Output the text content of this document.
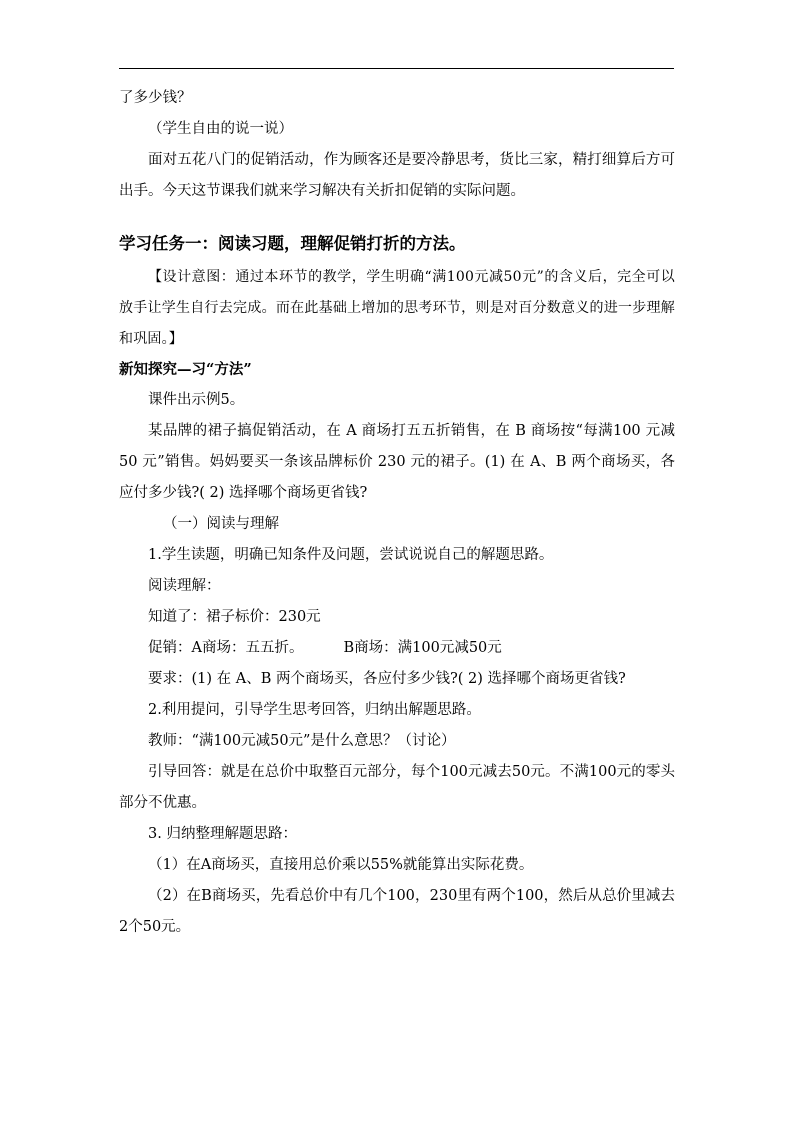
了多少钱？

（学生自由的说一说）

面对五花八门的促销活动，作为顾客还是要冷静思考，货比三家，精打细算后方可出手。今天这节课我们就来学习解决有关折扣促销的实际问题。

学习任务一：阅读习题，理解促销打折的方法。

【设计意图：通过本环节的教学，学生明确“满100元减50元”的含义后，完全可以放手让学生自行去完成。而在此基础上增加的思考环节，则是对百分数意义的进一步理解和巩固。】

新知探究—习“方法”

课件出示例5。

某品牌的裙子搞促销活动，在 A 商场打五五折销售，在 B 商场按“每满100 元减 50 元”销售。妈妈要买一条该品牌标价 230 元的裙子。(1) 在 A、B 两个商场买，各应付多少钱?( 2) 选择哪个商场更省钱?

（一）阅读与理解

1.学生读题，明确已知条件及问题，尝试说说自己的解题思路。

阅读理解：

知道了：裙子标价：230元

促销：A商场：五五折。	B商场：满100元减50元

要求：(1) 在 A、B 两个商场买，各应付多少钱?( 2) 选择哪个商场更省钱?

2.利用提问，引导学生思考回答，归纳出解题思路。

教师：“满100元减50元”是什么意思？（讨论）

引导回答：就是在总价中取整百元部分，每个100元减去50元。不满100元的零头部分不优惠。

3. 归纳整理解题思路：

（1）在A商场买，直接用总价乘以55%就能算出实际花费。

（2）在B商场买，先看总价中有几个100，230里有两个100，然后从总价里减去2个50元。
